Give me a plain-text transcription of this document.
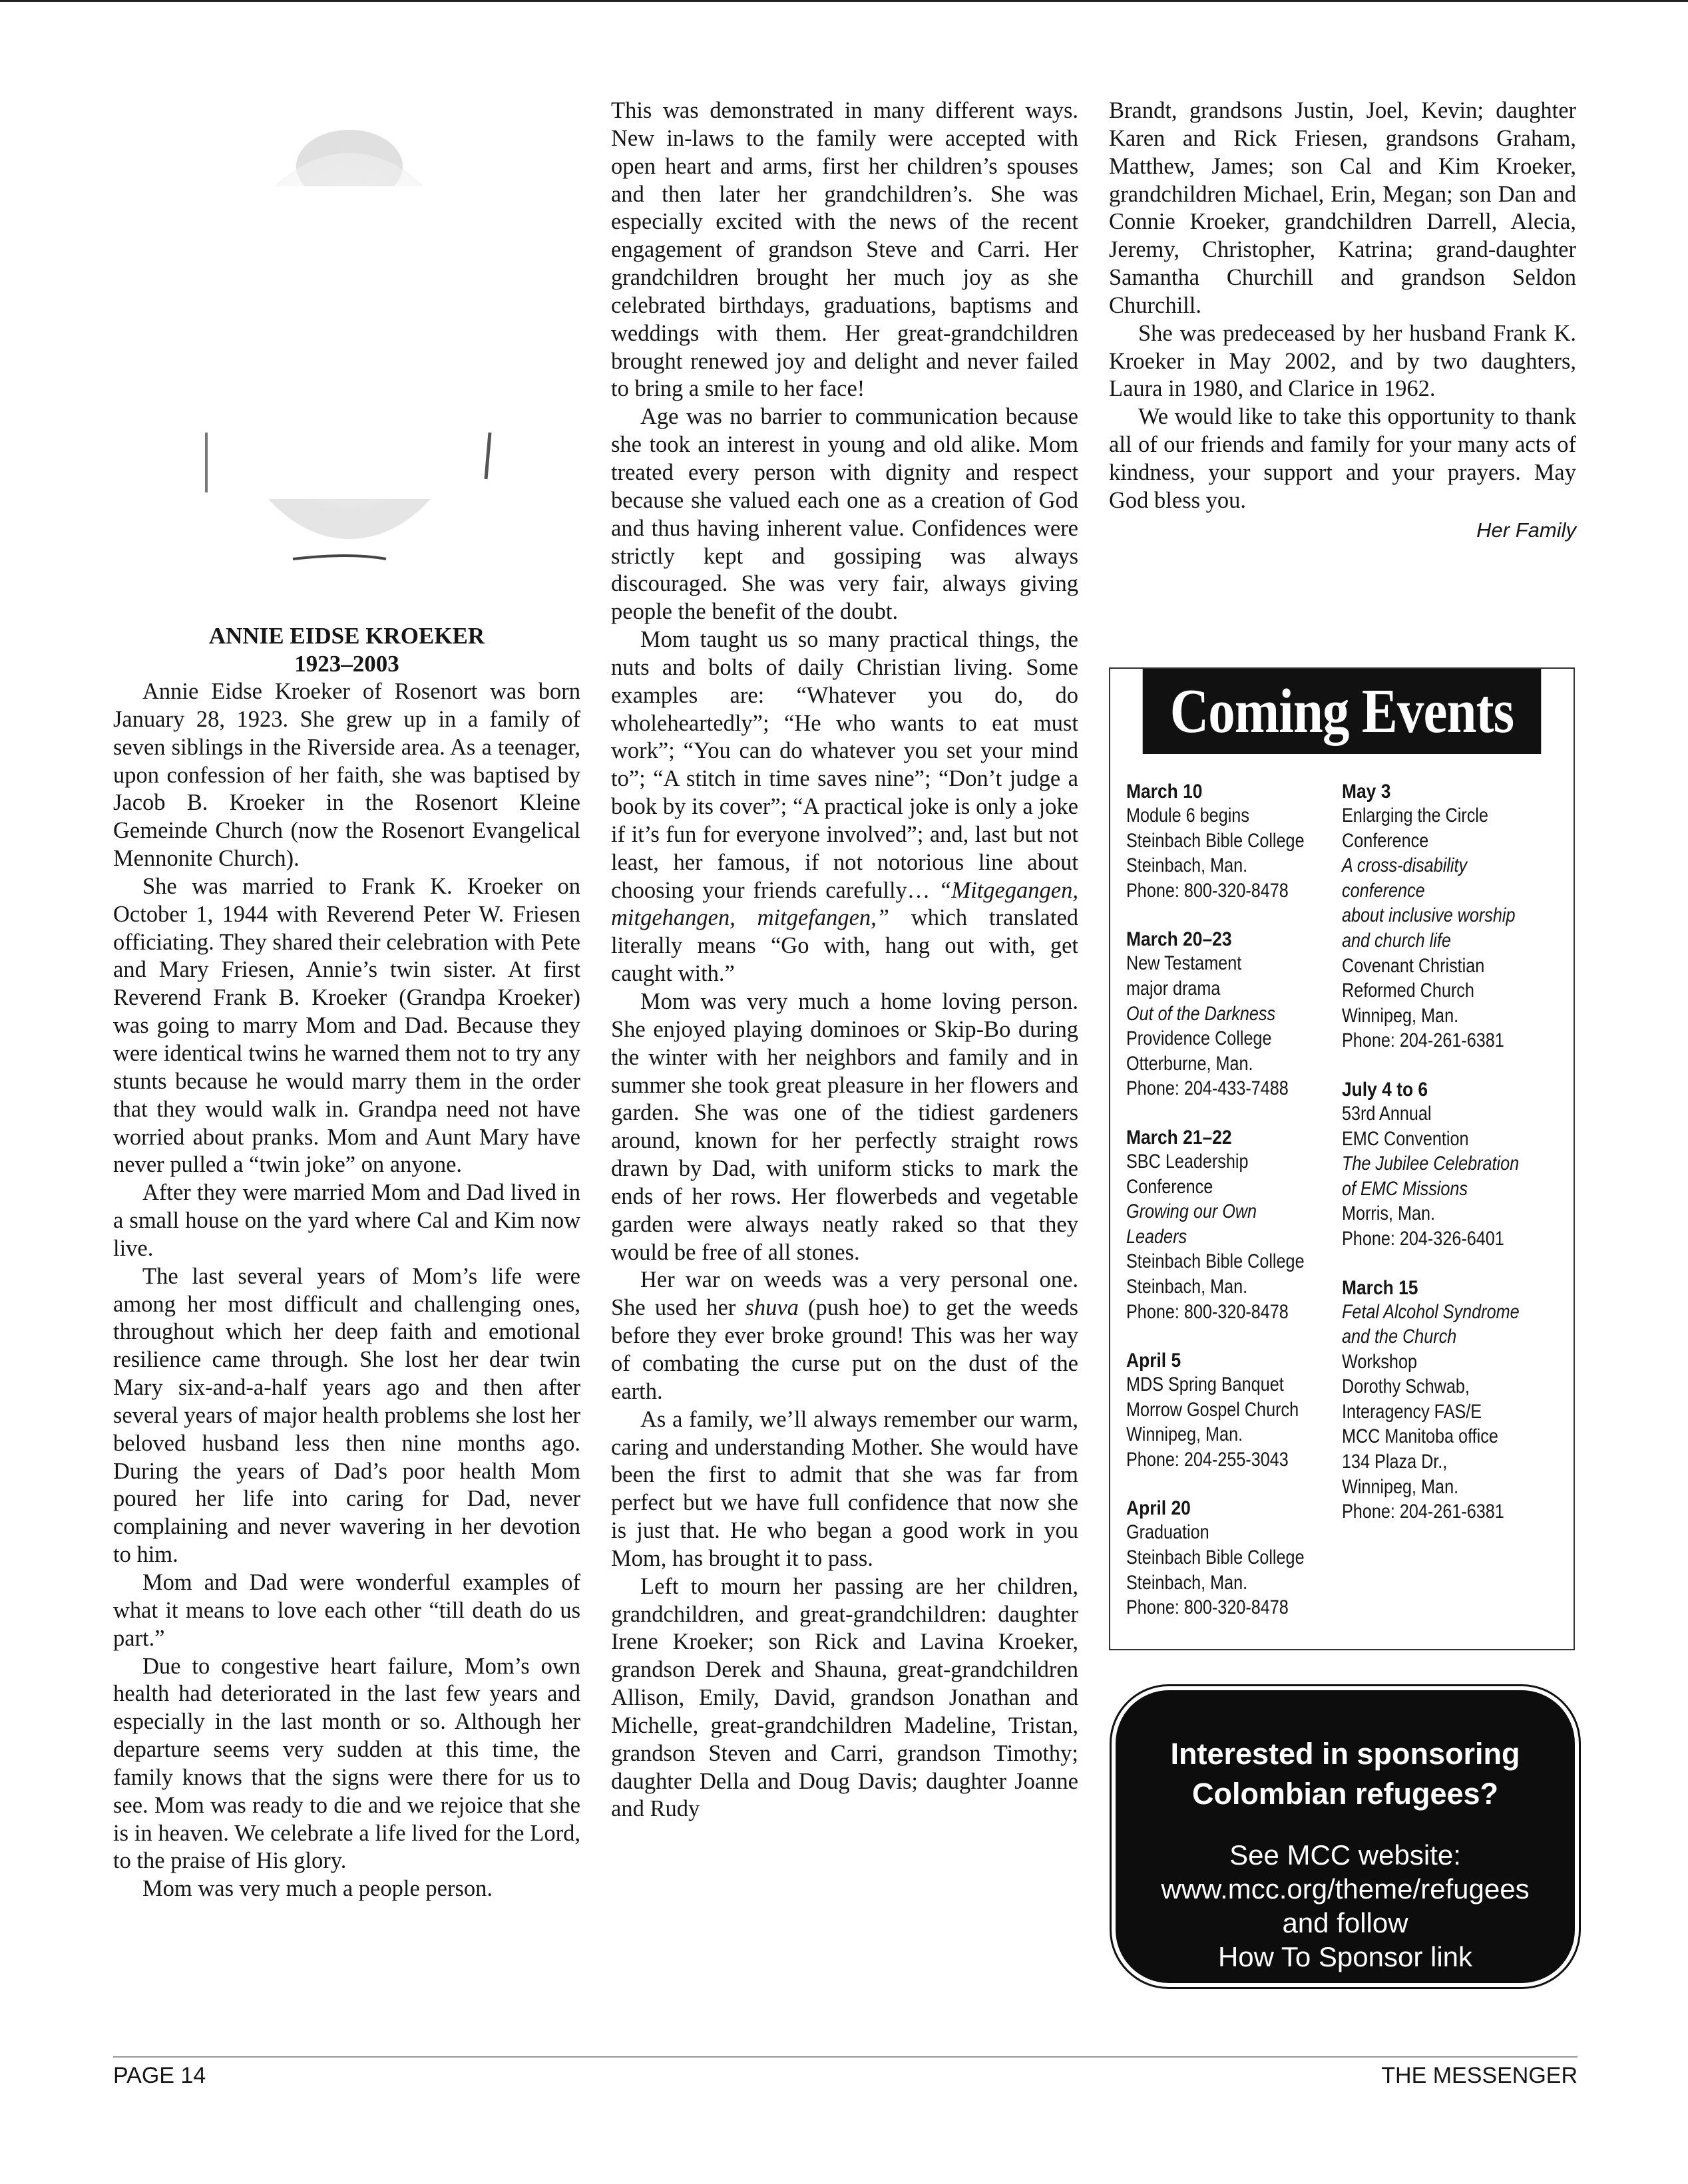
ANNIE EIDSE KROEKER
1923–2003

Annie Eidse Kroeker of Rosenort was born January 28, 1923. She grew up in a family of seven siblings in the Riverside area. As a teenager, upon confession of her faith, she was baptised by Jacob B. Kroeker in the Rosenort Kleine Gemeinde Church (now the Rosenort Evangelical Mennonite Church).

She was married to Frank K. Kroeker on October 1, 1944 with Reverend Peter W. Friesen officiating. They shared their celebration with Pete and Mary Friesen, Annie’s twin sister. At first Reverend Frank B. Kroeker (Grandpa Kroeker) was going to marry Mom and Dad. Because they were identical twins he warned them not to try any stunts because he would marry them in the order that they would walk in. Grandpa need not have worried about pranks. Mom and Aunt Mary have never pulled a “twin joke” on anyone.

After they were married Mom and Dad lived in a small house on the yard where Cal and Kim now live.

The last several years of Mom’s life were among her most difficult and challenging ones, throughout which her deep faith and emotional resilience came through. She lost her dear twin Mary six-and-a-half years ago and then after several years of major health problems she lost her beloved husband less then nine months ago. During the years of Dad’s poor health Mom poured her life into caring for Dad, never complaining and never wavering in her devotion to him.

Mom and Dad were wonderful examples of what it means to love each other “till death do us part.”

Due to congestive heart failure, Mom’s own health had deteriorated in the last few years and especially in the last month or so. Although her departure seems very sudden at this time, the family knows that the signs were there for us to see. Mom was ready to die and we rejoice that she is in heaven. We celebrate a life lived for the Lord, to the praise of His glory.

Mom was very much a people person.

This was demonstrated in many different ways. New in-laws to the family were accepted with open heart and arms, first her children’s spouses and then later her grandchildren’s. She was especially excited with the news of the recent engagement of grandson Steve and Carri. Her grandchildren brought her much joy as she celebrated birthdays, graduations, baptisms and weddings with them. Her great-grandchildren brought renewed joy and delight and never failed to bring a smile to her face!

Age was no barrier to communication because she took an interest in young and old alike. Mom treated every person with dignity and respect because she valued each one as a creation of God and thus having inherent value. Confidences were strictly kept and gossiping was always discouraged. She was very fair, always giving people the benefit of the doubt.

Mom taught us so many practical things, the nuts and bolts of daily Christian living. Some examples are: “Whatever you do, do wholeheartedly”; “He who wants to eat must work”; “You can do whatever you set your mind to”; “A stitch in time saves nine”; “Don’t judge a book by its cover”; “A practical joke is only a joke if it’s fun for everyone involved”; and, last but not least, her famous, if not notorious line about choosing your friends carefully… “Mitgegangen, mitgehangen, mitgefangen,” which translated literally means “Go with, hang out with, get caught with.”

Mom was very much a home loving person. She enjoyed playing dominoes or Skip-Bo during the winter with her neighbors and family and in summer she took great pleasure in her flowers and garden. She was one of the tidiest gardeners around, known for her perfectly straight rows drawn by Dad, with uniform sticks to mark the ends of her rows. Her flowerbeds and vegetable garden were always neatly raked so that they would be free of all stones.

Her war on weeds was a very personal one. She used her shuva (push hoe) to get the weeds before they ever broke ground! This was her way of combating the curse put on the dust of the earth.

As a family, we’ll always remember our warm, caring and understanding Mother. She would have been the first to admit that she was far from perfect but we have full confidence that now she is just that. He who began a good work in you Mom, has brought it to pass.

Left to mourn her passing are her children, grandchildren, and great-grandchildren: daughter Irene Kroeker; son Rick and Lavina Kroeker, grandson Derek and Shauna, great-grandchildren Allison, Emily, David, grandson Jonathan and Michelle, great-grandchildren Madeline, Tristan, grandson Steven and Carri, grandson Timothy; daughter Della and Doug Davis; daughter Joanne and Rudy

Brandt, grandsons Justin, Joel, Kevin; daughter Karen and Rick Friesen, grandsons Graham, Matthew, James; son Cal and Kim Kroeker, grandchildren Michael, Erin, Megan; son Dan and Connie Kroeker, grandchildren Darrell, Alecia, Jeremy, Christopher, Katrina; grand-daughter Samantha Churchill and grandson Seldon Churchill.

She was predeceased by her husband Frank K. Kroeker in May 2002, and by two daughters, Laura in 1980, and Clarice in 1962.

We would like to take this opportunity to thank all of our friends and family for your many acts of kindness, your support and your prayers. May God bless you.

Her Family
Coming Events
March 10
Module 6 begins
Steinbach Bible College
Steinbach, Man.
Phone: 800-320-8478
March 20–23
New Testament
major drama
Out of the Darkness
Providence College
Otterburne, Man.
Phone: 204-433-7488
March 21–22
SBC Leadership
Conference
Growing our Own
Leaders
Steinbach Bible College
Steinbach, Man.
Phone: 800-320-8478
April 5
MDS Spring Banquet
Morrow Gospel Church
Winnipeg, Man.
Phone: 204-255-3043
April 20
Graduation
Steinbach Bible College
Steinbach, Man.
Phone: 800-320-8478
May 3
Enlarging the Circle
Conference
A cross-disability
conference
about inclusive worship
and church life
Covenant Christian
Reformed Church
Winnipeg, Man.
Phone: 204-261-6381
July 4 to 6
53rd Annual
EMC Convention
The Jubilee Celebration
of EMC Missions
Morris, Man.
Phone: 204-326-6401
March 15
Fetal Alcohol Syndrome
and the Church
Workshop
Dorothy Schwab,
Interagency FAS/E
MCC Manitoba office
134 Plaza Dr.,
Winnipeg, Man.
Phone: 204-261-6381
Interested in sponsoring
Colombian refugees?
See MCC website:
www.mcc.org/theme/refugees
and follow
How To Sponsor link
PAGE 14	THE MESSENGER
